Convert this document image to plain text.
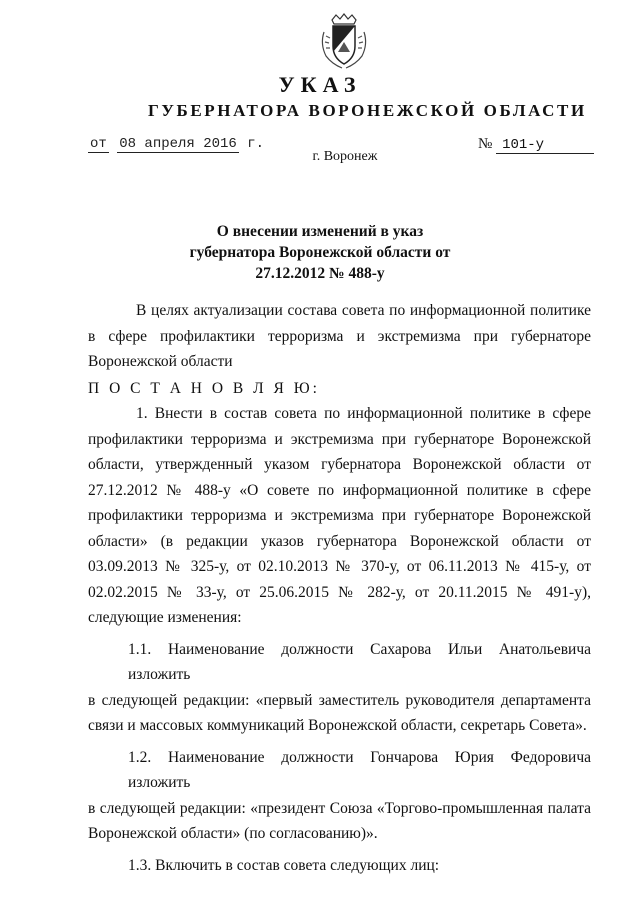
УКАЗ
ГУБЕРНАТОРА ВОРОНЕЖСКОЙ ОБЛАСТИ
от 08 апреля 2016 г.	№ 101-у
г. Воронеж
О внесении изменений в указ
губернатора Воронежской области от
27.12.2012 № 488-у

В целях актуализации состава совета по информационной политике
в сфере профилактики терроризма и экстремизма при губернаторе
Воронежской области

П О С Т А Н О В Л Я Ю:

1. Внести в состав совета по информационной политике в сфере
профилактики терроризма и экстремизма при губернаторе Воронежской
области, утвержденный указом губернатора Воронежской области от
27.12.2012 № 488-у «О совете по информационной политике в сфере
профилактики терроризма и экстремизма при губернаторе Воронежской
области» (в редакции указов губернатора Воронежской области от
03.09.2013 № 325-у, от 02.10.2013 № 370-у, от 06.11.2013 № 415-у, от
02.02.2015 № 33-у, от 25.06.2015 № 282-у, от 20.11.2015 № 491-у),
следующие изменения:

1.1. Наименование должности Сахарова Ильи Анатольевича изложить
в следующей редакции: «первый заместитель руководителя департамента
связи и массовых коммуникаций Воронежской области, секретарь Совета».

1.2. Наименование должности Гончарова Юрия Федоровича изложить
в следующей редакции: «президент Союза «Торгово-промышленная палата
Воронежской области» (по согласованию)».

1.3. Включить в состав совета следующих лиц:
